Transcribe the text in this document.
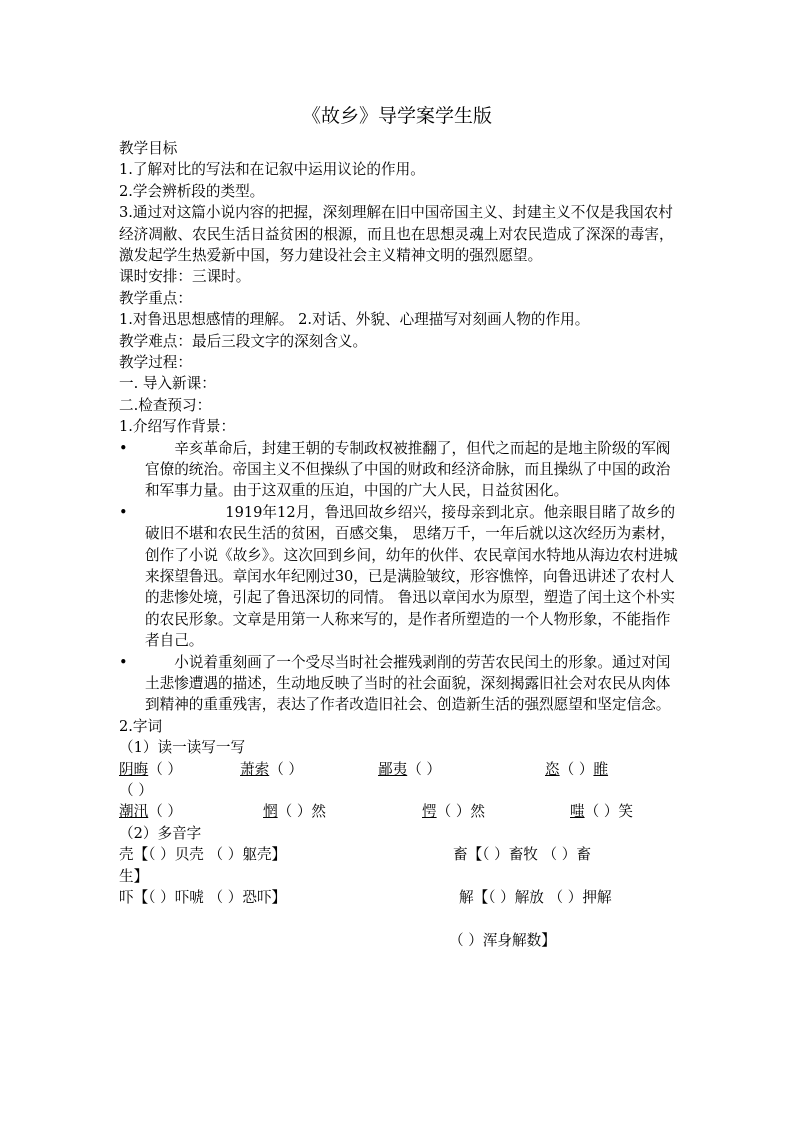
《故乡》导学案学生版
教学目标
1.了解对比的写法和在记叙中运用议论的作用。
2.学会辨析段的类型。
3.通过对这篇小说内容的把握，深刻理解在旧中国帝国主义、封建主义不仅是我国农村经济凋敝、农民生活日益贫困的根源，而且也在思想灵魂上对农民造成了深深的毒害，激发起学生热爱新中国，努力建设社会主义精神文明的强烈愿望。
课时安排：三课时。
教学重点：
1.对鲁迅思想感情的理解。 2.对话、外貌、心理描写对刻画人物的作用。
教学难点：最后三段文字的深刻含义。
教学过程：
一. 导入新课：
二.检查预习：
1.介绍写作背景：
•	辛亥革命后，封建王朝的专制政权被推翻了，但代之而起的是地主阶级的军阀官僚的统治。帝国主义不但操纵了中国的财政和经济命脉，而且操纵了中国的政治和军事力量。由于这双重的压迫，中国的广大人民，日益贫困化。
•	1919年12月，鲁迅回故乡绍兴，接母亲到北京。他亲眼目睹了故乡的破旧不堪和农民生活的贫困，百感交集， 思绪万千，一年后就以这次经历为素材，创作了小说《故乡》。这次回到乡间，幼年的伙伴、农民章闰水特地从海边农村进城来探望鲁迅。章闰水年纪刚过30，已是满脸皱纹，形容憔悴，向鲁迅讲述了农村人的悲惨处境，引起了鲁迅深切的同情。 鲁迅以章闰水为原型，塑造了闰土这个朴实的农民形象。文章是用第一人称来写的，是作者所塑造的一个人物形象，不能指作者自己。
•	小说着重刻画了一个受尽当时社会摧残剥削的劳苦农民闰土的形象。通过对闰土悲惨遭遇的描述，生动地反映了当时的社会面貌，深刻揭露旧社会对农民从肉体到精神的重重残害，表达了作者改造旧社会、创造新生活的强烈愿望和坚定信念。
2.字词
（1）读一读写一写
阴晦（ ）	萧索（ ）	鄙夷（ ）	恣（ ）睢
（ ）
潮汛（ ）	惘（ ）然	愕（ ）然	嗤（ ）笑
（2）多音字
壳【（ ）贝壳 （ ）躯壳】	畜【（ ）畜牧 （ ）畜
生】
吓【（ ）吓唬 （ ）恐吓】	解【（ ）解放 （ ）押解
（ ）浑身解数】
